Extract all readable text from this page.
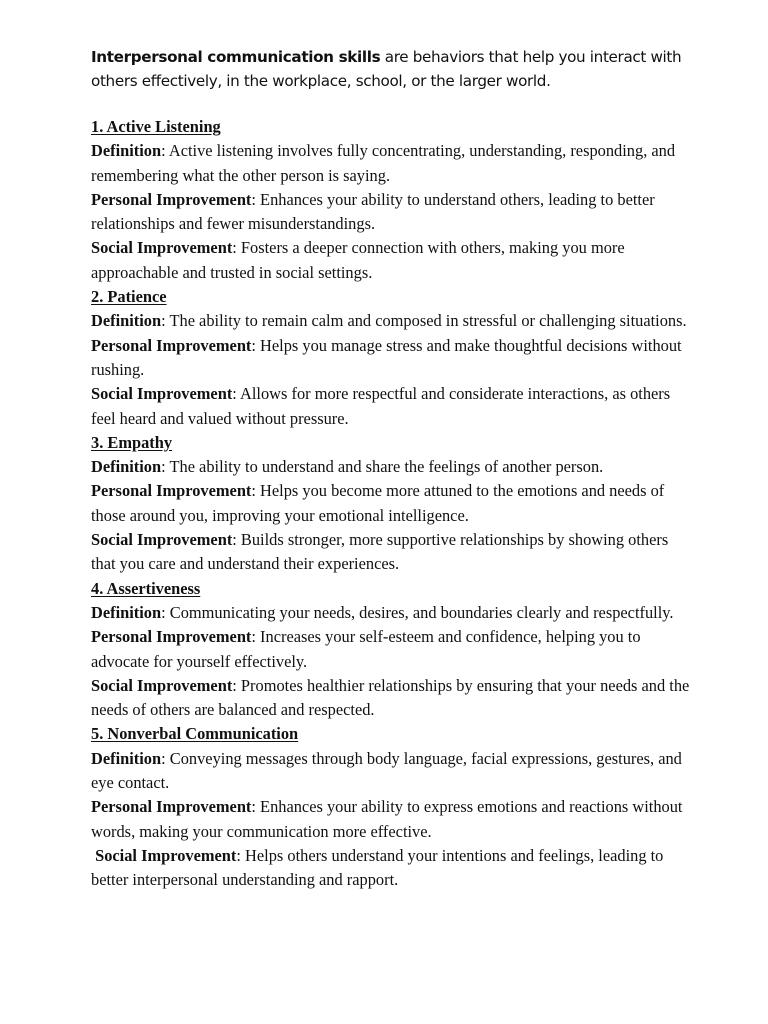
Interpersonal communication skills are behaviors that help you interact with others effectively, in the workplace, school, or the larger world.

1. Active Listening
Definition: Active listening involves fully concentrating, understanding, responding, and remembering what the other person is saying.
Personal Improvement: Enhances your ability to understand others, leading to better relationships and fewer misunderstandings.
Social Improvement: Fosters a deeper connection with others, making you more approachable and trusted in social settings.
2. Patience
Definition: The ability to remain calm and composed in stressful or challenging situations.
Personal Improvement: Helps you manage stress and make thoughtful decisions without rushing.
Social Improvement: Allows for more respectful and considerate interactions, as others feel heard and valued without pressure.
3. Empathy
Definition: The ability to understand and share the feelings of another person.
Personal Improvement: Helps you become more attuned to the emotions and needs of those around you, improving your emotional intelligence.
Social Improvement: Builds stronger, more supportive relationships by showing others that you care and understand their experiences.
4. Assertiveness
Definition: Communicating your needs, desires, and boundaries clearly and respectfully. Personal Improvement: Increases your self-esteem and confidence, helping you to advocate for yourself effectively.
Social Improvement: Promotes healthier relationships by ensuring that your needs and the needs of others are balanced and respected.
5. Nonverbal Communication
Definition: Conveying messages through body language, facial expressions, gestures, and eye contact.
Personal Improvement: Enhances your ability to express emotions and reactions without words, making your communication more effective.
Social Improvement: Helps others understand your intentions and feelings, leading to better interpersonal understanding and rapport.
